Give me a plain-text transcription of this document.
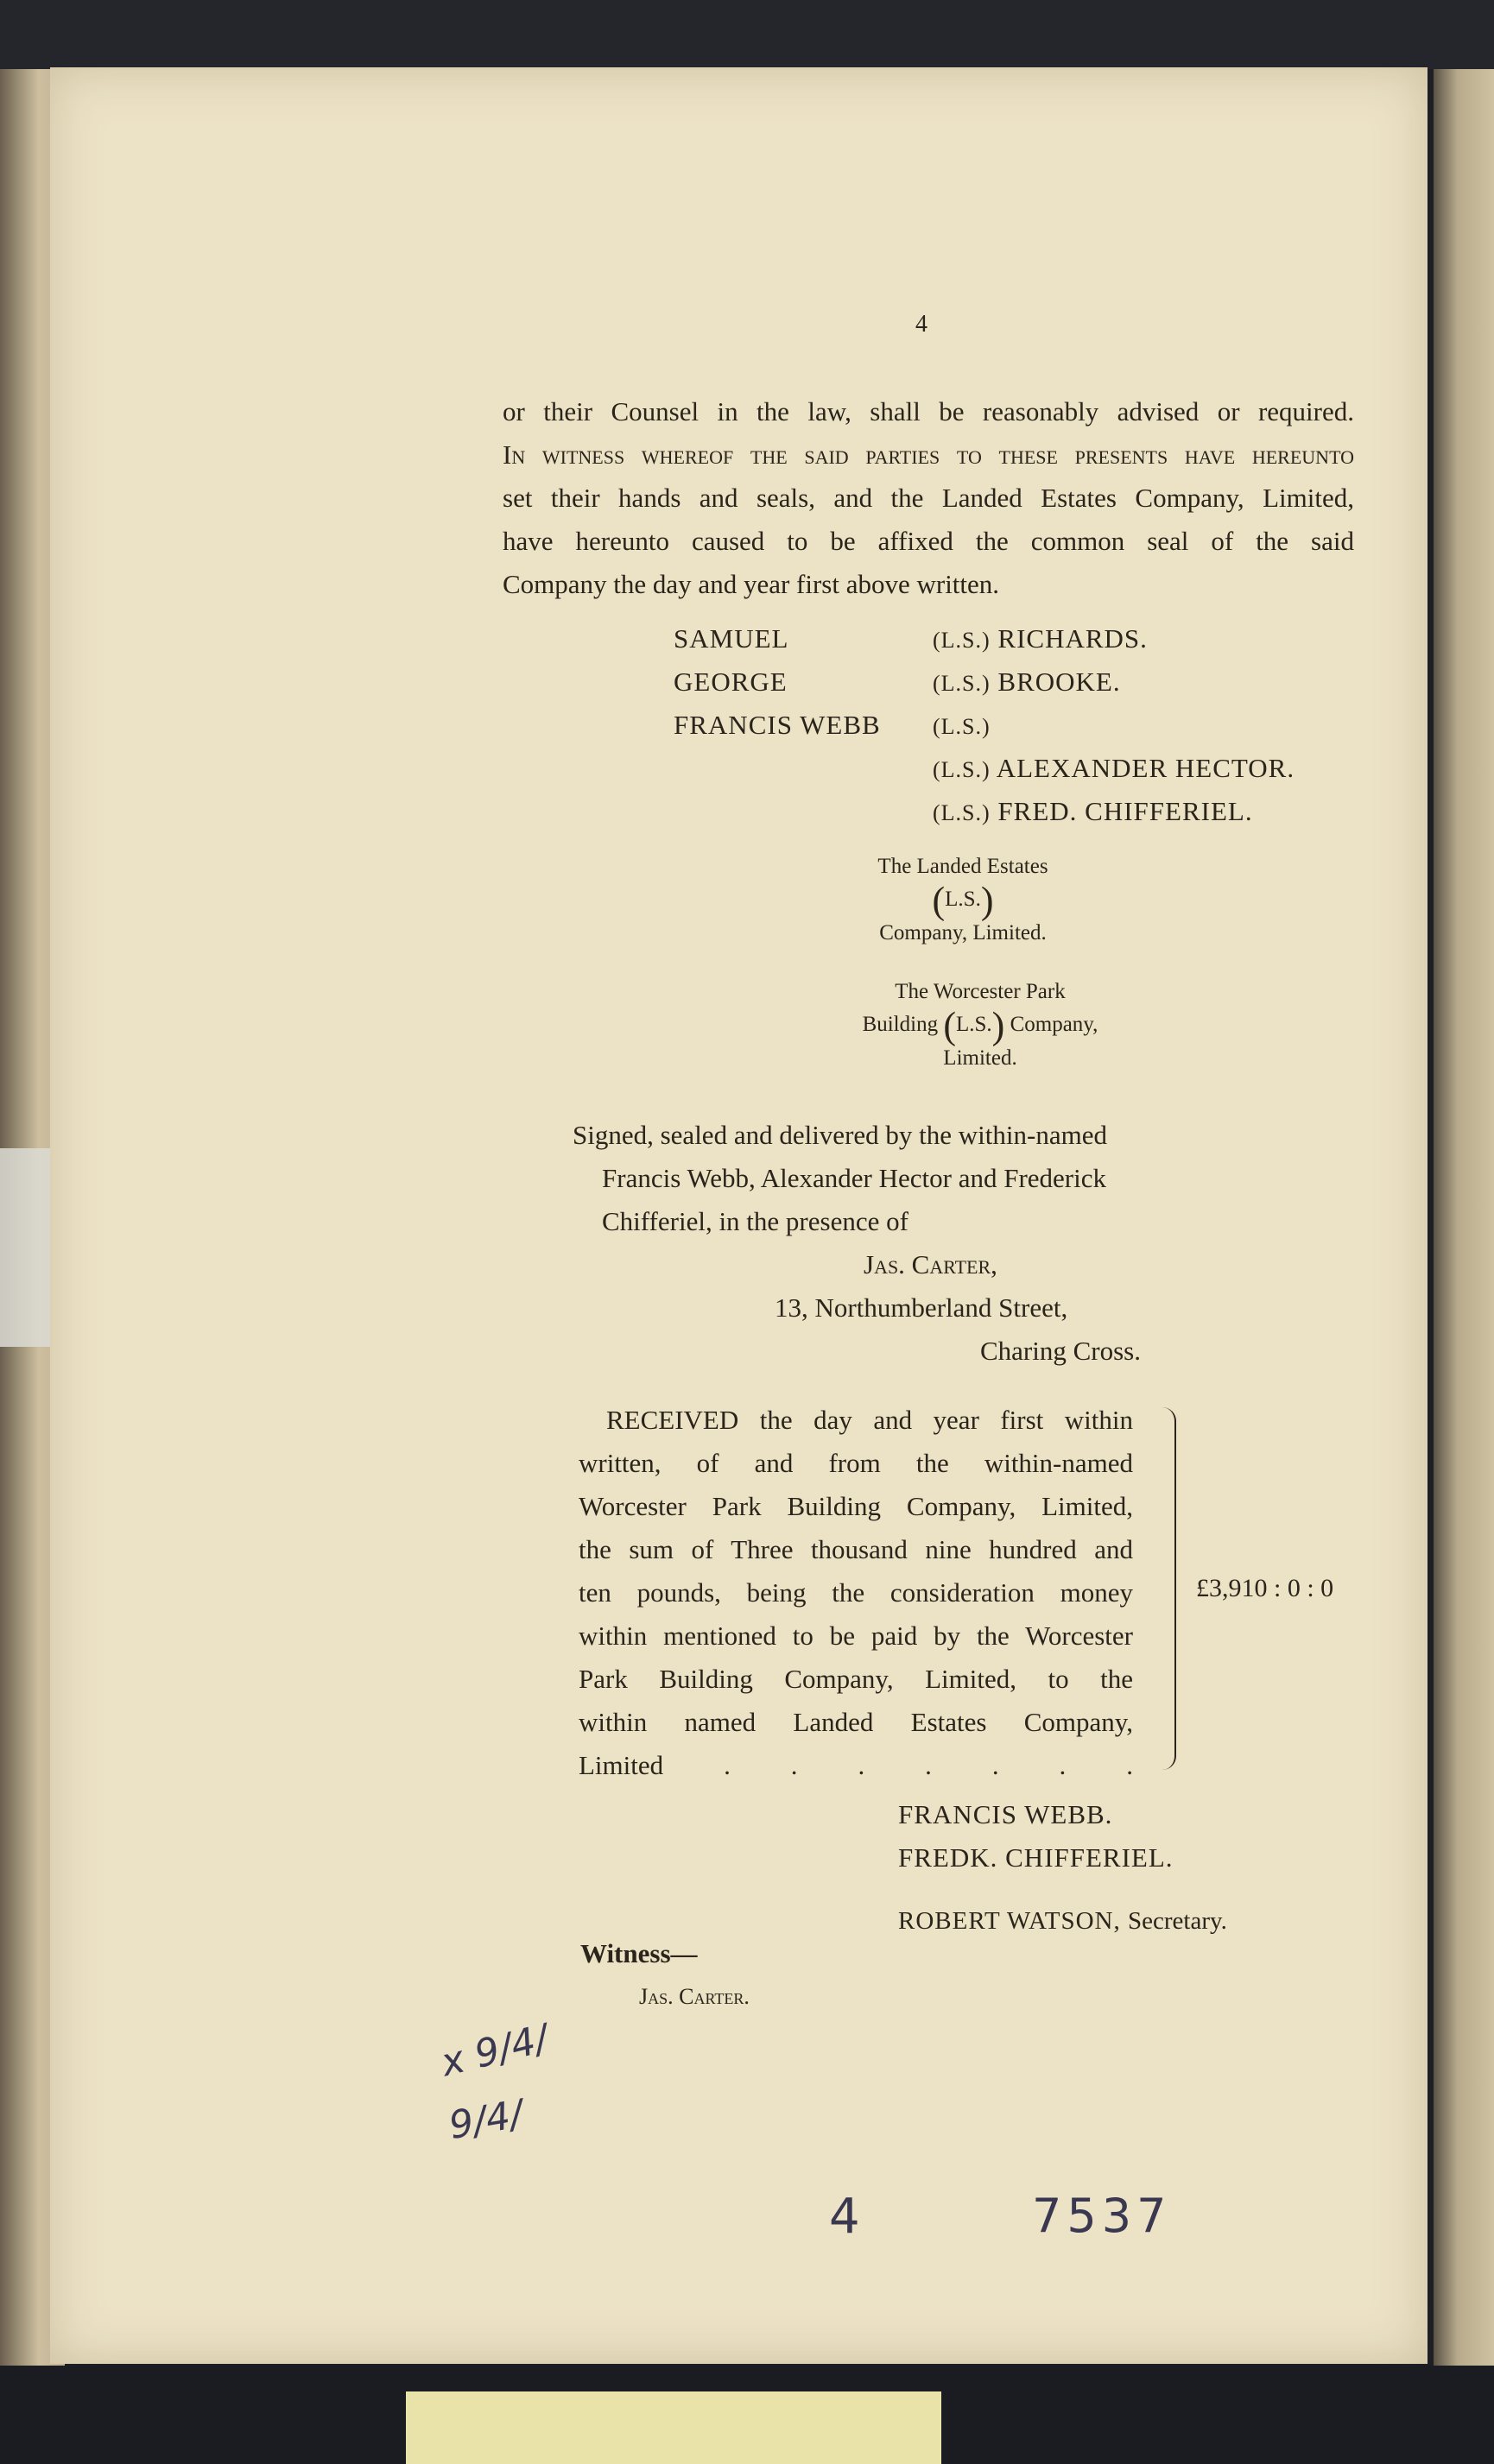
4
or their Counsel in the law, shall be reasonably advised or required.
In witness whereof the said parties to these presents have hereunto
set their hands and seals, and the Landed Estates Company, Limited,
have hereunto caused to be affixed the common seal of the said
Company the day and year first above written.
SAMUEL	(L.S.) RICHARDS.
GEORGE	(L.S.) BROOKE.
FRANCIS WEBB (L.S.)
(L.S.) ALEXANDER HECTOR.
(L.S.) FRED. CHIFFERIEL.
The Landed Estates
(L.S.)
Company, Limited.
The Worcester Park
Building (L.S.) Company,
Limited.
Signed, sealed and delivered by the within-named
Francis Webb, Alexander Hector and Frederick
Chifferiel, in the presence of
Jas. Carter,
13, Northumberland Street,
Charing Cross.
RECEIVED the day and year first within
written, of and from the within-named
Worcester Park Building Company, Limited,
the sum of Three thousand nine hundred and
ten pounds, being the consideration money
within mentioned to be paid by the Worcester
Park Building Company, Limited, to the
within named Landed Estates Company,
Limited . . . . . . .
£3,910 : 0 : 0
FRANCIS WEBB.
FREDK. CHIFFERIEL.
ROBERT WATSON, Secretary.
Witness—
Jas. Carter.
x 9/4/
9/4/
4	7537
